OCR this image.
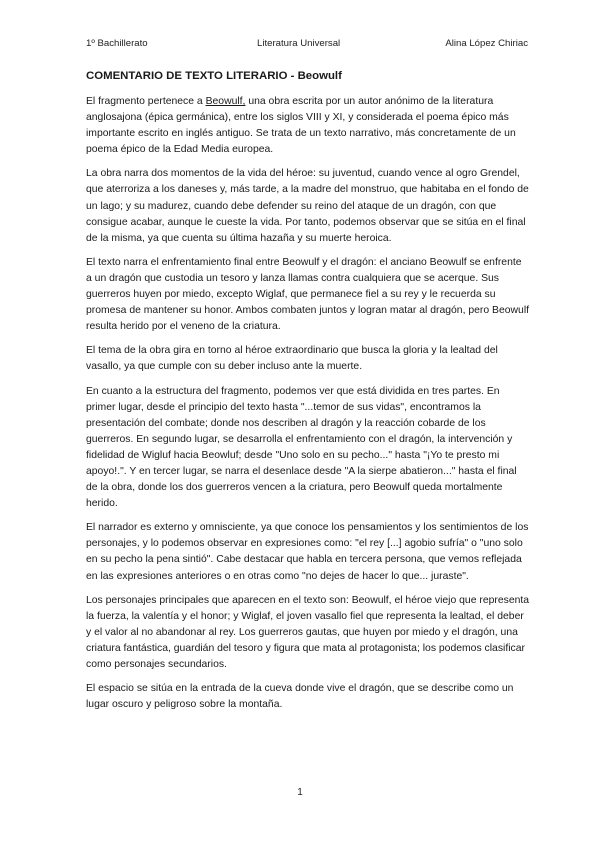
1º Bachillerato	Literatura Universal	Alina López Chiriac
COMENTARIO DE TEXTO LITERARIO - Beowulf

El fragmento pertenece a Beowulf, una obra escrita por un autor anónimo de la literatura anglosajona (épica germánica), entre los siglos VIII y XI, y considerada el poema épico más importante escrito en inglés antiguo. Se trata de un texto narrativo, más concretamente de un poema épico de la Edad Media europea.

La obra narra dos momentos de la vida del héroe: su juventud, cuando vence al ogro Grendel, que aterroriza a los daneses y, más tarde, a la madre del monstruo, que habitaba en el fondo de un lago; y su madurez, cuando debe defender su reino del ataque de un dragón, con que consigue acabar, aunque le cueste la vida. Por tanto, podemos observar que se sitúa en el final de la misma, ya que cuenta su última hazaña y su muerte heroica.

El texto narra el enfrentamiento final entre Beowulf y el dragón: el anciano Beowulf se enfrente a un dragón que custodia un tesoro y lanza llamas contra cualquiera que se acerque. Sus guerreros huyen por miedo, excepto Wiglaf, que permanece fiel a su rey y le recuerda su promesa de mantener su honor. Ambos combaten juntos y logran matar al dragón, pero Beowulf resulta herido por el veneno de la criatura.

El tema de la obra gira en torno al héroe extraordinario que busca la gloria y la lealtad del vasallo, ya que cumple con su deber incluso ante la muerte.

En cuanto a la estructura del fragmento, podemos ver que está dividida en tres partes. En primer lugar, desde el principio del texto hasta "...temor de sus vidas", encontramos la presentación del combate; donde nos describen al dragón y la reacción cobarde de los guerreros. En segundo lugar, se desarrolla el enfrentamiento con el dragón, la intervención y fidelidad de Wigluf hacia Beowluf; desde "Uno solo en su pecho..." hasta "¡Yo te presto mi apoyo!.". Y en tercer lugar, se narra el desenlace desde "A la sierpe abatieron..." hasta el final de la obra, donde los dos guerreros vencen a la criatura, pero Beowulf queda mortalmente herido.

El narrador es externo y omnisciente, ya que conoce los pensamientos y los sentimientos de los personajes, y lo podemos observar en expresiones como: "el rey [...] agobio sufría" o "uno solo en su pecho la pena sintió". Cabe destacar que habla en tercera persona, que vemos reflejada en las expresiones anteriores o en otras como "no dejes de hacer lo que... juraste".

Los personajes principales que aparecen en el texto son: Beowulf, el héroe viejo que representa la fuerza, la valentía y el honor; y Wiglaf, el joven vasallo fiel que representa la lealtad, el deber y el valor al no abandonar al rey. Los guerreros gautas, que huyen por miedo y el dragón, una criatura fantástica, guardián del tesoro y figura que mata al protagonista; los podemos clasificar como personajes secundarios.

El espacio se sitúa en la entrada de la cueva donde vive el dragón, que se describe como un lugar oscuro y peligroso sobre la montaña.

1
